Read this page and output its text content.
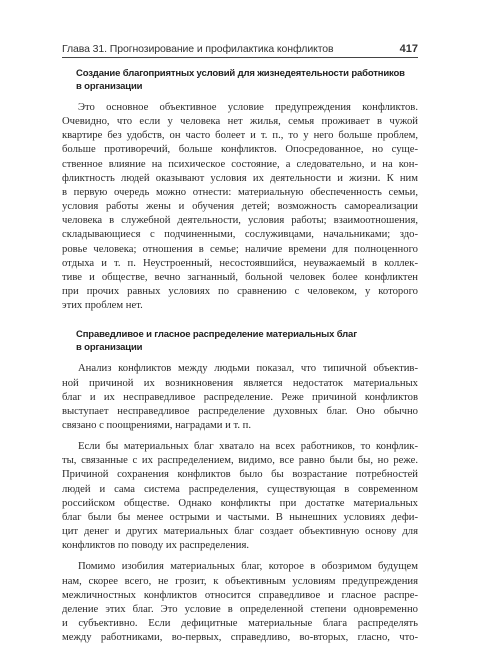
Глава 31. Прогнозирование и профилактика конфликтов	417
Создание благоприятных условий для жизнедеятельности работников
в организации
Это основное объективное условие предупреждения конфликтов.
Очевидно, что если у человека нет жилья, семья проживает в чужой
квартире без удобств, он часто болеет и т. п., то у него больше проблем,
больше противоречий, больше конфликтов. Опосредованное, но суще-
ственное влияние на психическое состояние, а следовательно, и на кон-
фликтность людей оказывают условия их деятельности и жизни. К ним
в первую очередь можно отнести: материальную обеспеченность семьи,
условия работы жены и обучения детей; возможность самореализации
человека в служебной деятельности, условия работы; взаимоотношения,
складывающиеся с подчиненными, сослуживцами, начальниками; здо-
ровье человека; отношения в семье; наличие времени для полноценного
отдыха и т. п. Неустроенный, несостоявшийся, неуважаемый в коллек-
тиве и обществе, вечно загнанный, больной человек более конфликтен
при прочих равных условиях по сравнению с человеком, у которого
этих проблем нет.
Справедливое и гласное распределение материальных благ
в организации
Анализ конфликтов между людьми показал, что типичной объектив-
ной причиной их возникновения является недостаток материальных
благ и их несправедливое распределение. Реже причиной конфликтов
выступает несправедливое распределение духовных благ. Оно обычно
связано с поощрениями, наградами и т. п.
Если бы материальных благ хватало на всех работников, то конфлик-
ты, связанные с их распределением, видимо, все равно были бы, но реже.
Причиной сохранения конфликтов было бы возрастание потребностей
людей и сама система распределения, существующая в современном
российском обществе. Однако конфликты при достатке материальных
благ были бы менее острыми и частыми. В нынешних условиях дефи-
цит денег и других материальных благ создает объективную основу для
конфликтов по поводу их распределения.
Помимо изобилия материальных благ, которое в обозримом будущем
нам, скорее всего, не грозит, к объективным условиям предупреждения
межличностных конфликтов относится справедливое и гласное распре-
деление этих благ. Это условие в определенной степени одновременно
и субъективно. Если дефицитные материальные блага распределять
между работниками, во-первых, справедливо, во-вторых, гласно, что-
